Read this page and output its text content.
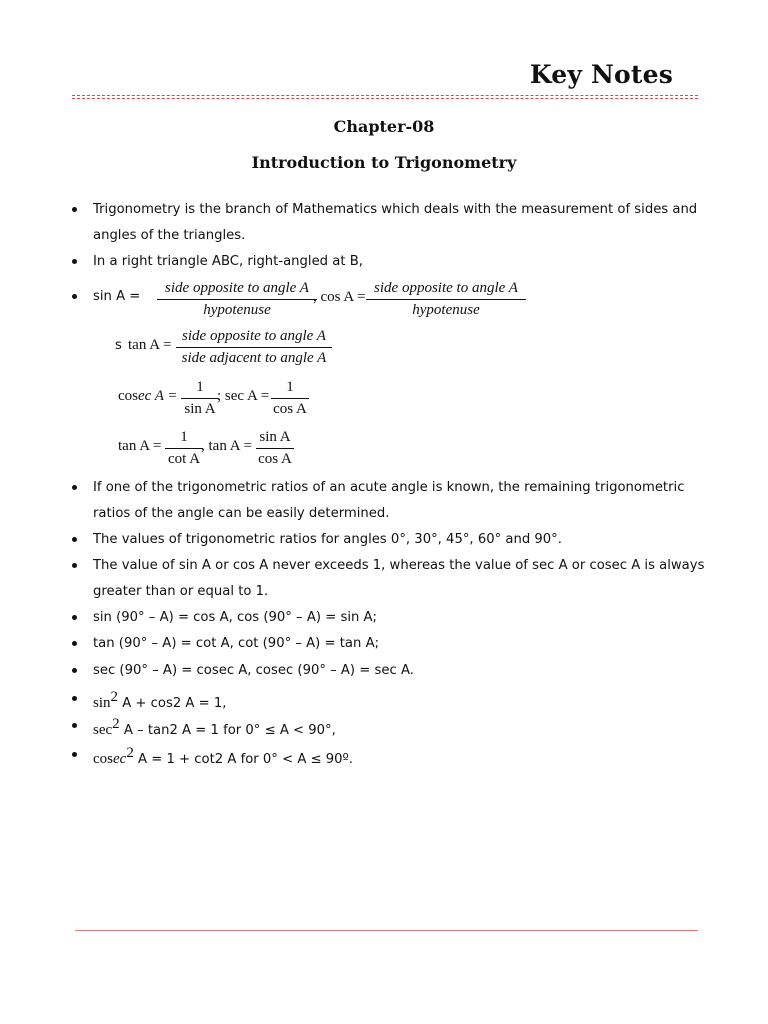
Key Notes
Chapter-08
Introduction to Trigonometry
Trigonometry is the branch of Mathematics which deals with the measurement of sides and
angles of the triangles.
In a right triangle ABC, right-angled at B,
sin A =
side opposite to angle A
hypotenuse
, cos A =
side opposite to angle A
hypotenuse
s tan A =
side opposite to angle A
side adjacent to angle A
cosec $A = \frac{1}{\text{sin A}}$
; $\sec A = \frac{1}{\text{cos A}}$
$\tan A = \frac{1}{\text{cot A}}$
, $\tan A = \frac{\text{sin A}}{\text{cos A}}$
If one of the trigonometric ratios of an acute angle is known, the remaining trigonometric
ratios of the angle can be easily determined.
The values of trigonometric ratios for angles 0°, 30°, 45°, 60° and 90°.
The value of sin A or cos A never exceeds 1, whereas the value of sec A or cosec A is always
greater than or equal to 1.
sin (90° – A) = cos A, cos (90° – A) = sin A;
tan (90° – A) = cot A, cot (90° – A) = tan A;
sec (90° – A) = cosec A, cosec (90° – A) = sec A.
$\sin^2 A + \cos 2$ A = 1,
$\sec^2 A - \tan 2$ A = 1 for 0° ≤ A < 90°,
cosec$^2$ A = 1 + cot2 A for 0° < A ≤ 90º.
